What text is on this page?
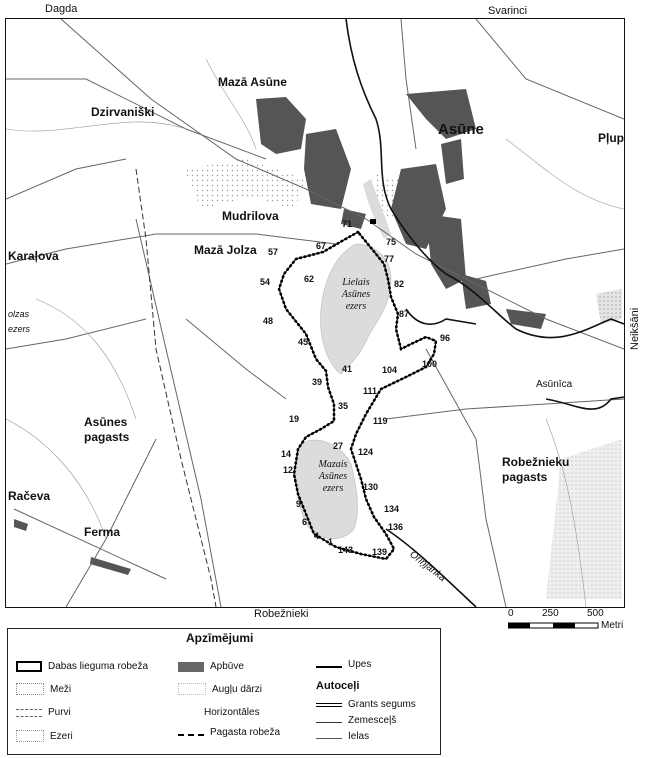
Dagda	Svarinci
Robežnieki
Neikšāni
Mazā Asūne
Asūne	Pļup
Dzirvaniški
Mudrilova
Mazā Jolza
Karaļova
olzas
ezers
Asūnes
pagasts
Robežnieku
pagasts
Račeva
Ferma
Asūnīca
Oriņjanka
Lielais
Asūnes
ezers
Mazais
Asūnes
ezers
71
67	75
77
57
62	82
54
48
87
96
45
100
104
41
39
111
35
19	119
27
124
14
12
130
9	134
6	136
4
1
143 139
0	250	500
Metri
Apzīmējumi
Dabas lieguma robeža
Meži
Purvi
Ezeri
Apbūve
Augļu dārzi
Horizontāles
Pagasta robeža
Upes
Autoceļi
Grants segums
Zemesceļš
Ielas
